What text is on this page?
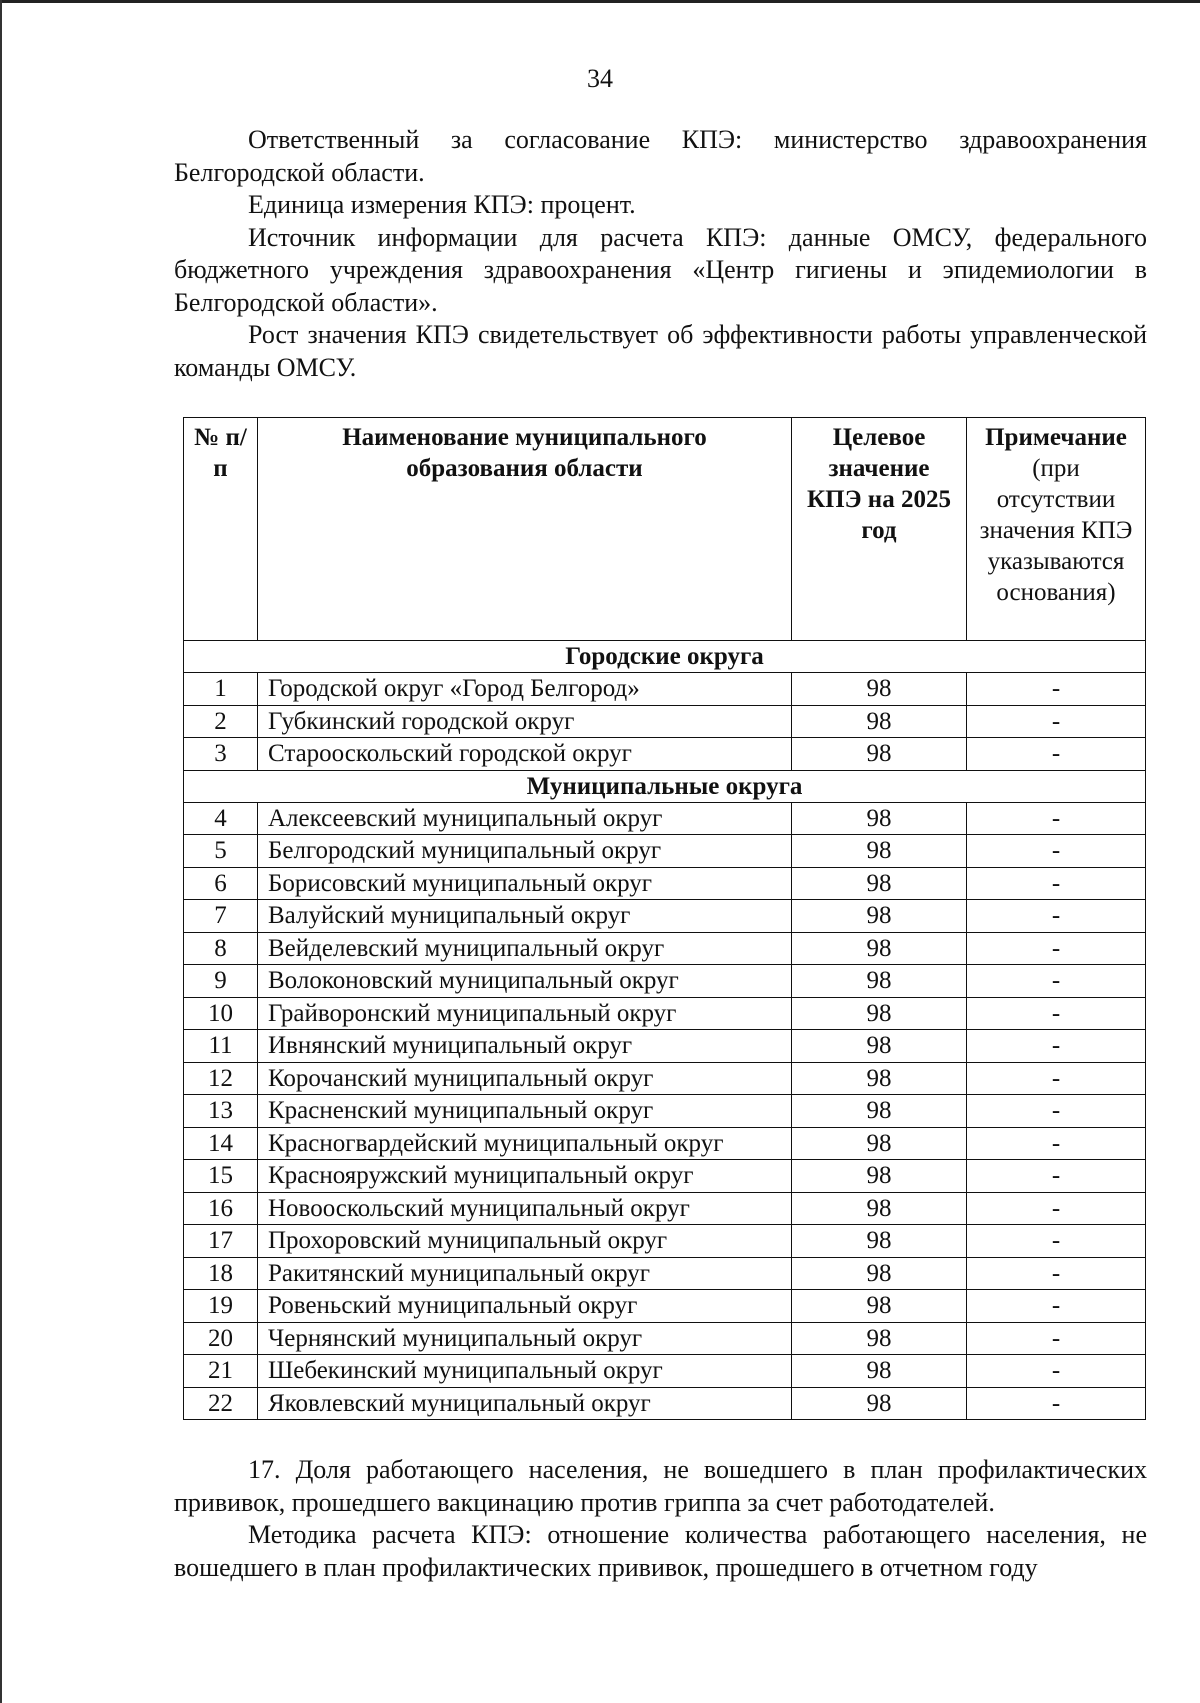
34

Ответственный за согласование КПЭ: министерство здравоохранения Белгородской области.

Единица измерения КПЭ: процент.

Источник информации для расчета КПЭ: данные ОМСУ, федерального бюджетного учреждения здравоохранения «Центр гигиены и эпидемиологии в Белгородской области».

Рост значения КПЭ свидетельствует об эффективности работы управленческой команды ОМСУ.

№ п/п	Наименование муниципального образования области	Целевое значение КПЭ на 2025 год	Примечание (при отсутствии значения КПЭ указываются основания)
Городские округа			
1	Городской округ «Город Белгород»	98	-
2	Губкинский городской округ	98	-
3	Старооскольский городской округ	98	-
Муниципальные округа			
4	Алексеевский муниципальный округ	98	-
5	Белгородский муниципальный округ	98	-
6	Борисовский муниципальный округ	98	-
7	Валуйский муниципальный округ	98	-
8	Вейделевский муниципальный округ	98	-
9	Волоконовский муниципальный округ	98	-
10	Грайворонский муниципальный округ	98	-
11	Ивнянский муниципальный округ	98	-
12	Корочанский муниципальный округ	98	-
13	Красненский муниципальный округ	98	-
14	Красногвардейский муниципальный округ	98	-
15	Краснояружский муниципальный округ	98	-
16	Новооскольский муниципальный округ	98	-
17	Прохоровский муниципальный округ	98	-
18	Ракитянский муниципальный округ	98	-
19	Ровеньский муниципальный округ	98	-
20	Чернянский муниципальный округ	98	-
21	Шебекинский муниципальный округ	98	-
22	Яковлевский муниципальный округ	98	-

17. Доля работающего населения, не вошедшего в план профилактических прививок, прошедшего вакцинацию против гриппа за счет работодателей.

Методика расчета КПЭ: отношение количества работающего населения, не вошедшего в план профилактических прививок, прошедшего в отчетном году
